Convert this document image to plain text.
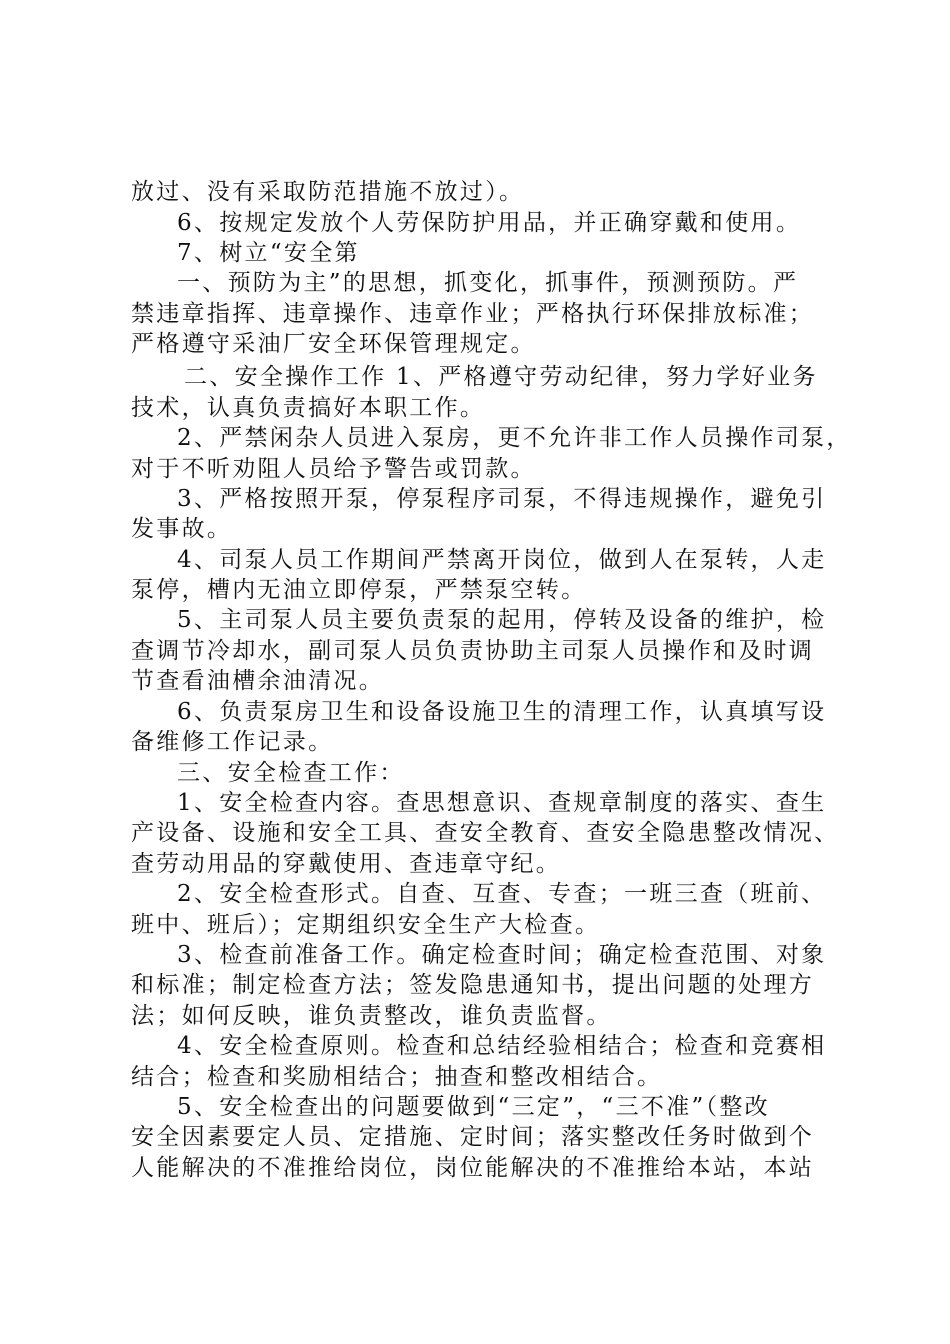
放过、没有采取防范措施不放过）。
6、按规定发放个人劳保防护用品，并正确穿戴和使用。
7、树立“安全第
一、预防为主”的思想，抓变化，抓事件，预测预防。严
禁违章指挥、违章操作、违章作业；严格执行环保排放标准；
严格遵守采油厂安全环保管理规定。
二、安全操作工作 1、严格遵守劳动纪律，努力学好业务
技术，认真负责搞好本职工作。
2、严禁闲杂人员进入泵房，更不允许非工作人员操作司泵，
对于不听劝阻人员给予警告或罚款。
3、严格按照开泵，停泵程序司泵，不得违规操作，避免引
发事故。
4、司泵人员工作期间严禁离开岗位，做到人在泵转，人走
泵停，槽内无油立即停泵，严禁泵空转。
5、主司泵人员主要负责泵的起用，停转及设备的维护，检
查调节冷却水，副司泵人员负责协助主司泵人员操作和及时调
节查看油槽余油清况。
6、负责泵房卫生和设备设施卫生的清理工作，认真填写设
备维修工作记录。
三、安全检查工作：
1、安全检查内容。查思想意识、查规章制度的落实、查生
产设备、设施和安全工具、查安全教育、查安全隐患整改情况、
查劳动用品的穿戴使用、查违章守纪。
2、安全检查形式。自查、互查、专查；一班三查（班前、
班中、班后）；定期组织安全生产大检查。
3、检查前准备工作。确定检查时间；确定检查范围、对象
和标准；制定检查方法；签发隐患通知书，提出问题的处理方
法；如何反映，谁负责整改，谁负责监督。
4、安全检查原则。检查和总结经验相结合；检查和竞赛相
结合；检查和奖励相结合；抽查和整改相结合。
5、安全检查出的问题要做到“三定”，“三不准”（整改
安全因素要定人员、定措施、定时间；落实整改任务时做到个
人能解决的不准推给岗位，岗位能解决的不准推给本站，本站
